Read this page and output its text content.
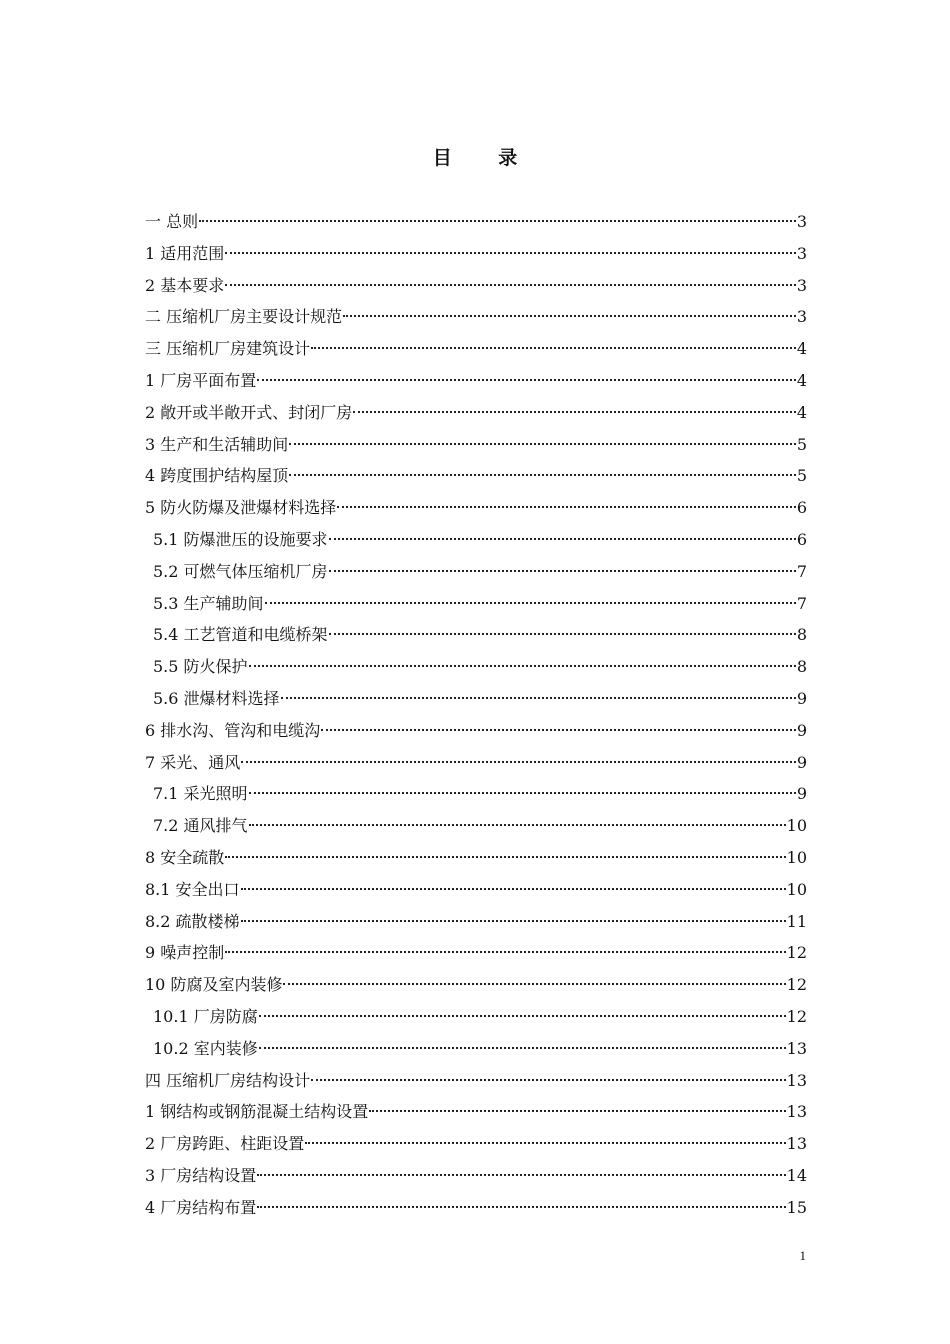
目 录
一 总则	3
1 适用范围	3
2 基本要求	3
二 压缩机厂房主要设计规范	3
三 压缩机厂房建筑设计	4
1 厂房平面布置	4
2 敞开或半敞开式、封闭厂房	4
3 生产和生活辅助间	5
4 跨度围护结构屋顶	5
5 防火防爆及泄爆材料选择	6
5.1 防爆泄压的设施要求	6
5.2 可燃气体压缩机厂房	7
5.3 生产辅助间	7
5.4 工艺管道和电缆桥架	8
5.5 防火保护	8
5.6 泄爆材料选择	9
6 排水沟、管沟和电缆沟	9
7 采光、通风	9
7.1 采光照明	9
7.2 通风排气	10
8 安全疏散	10
8.1 安全出口	10
8.2 疏散楼梯	11
9 噪声控制	12
10 防腐及室内装修	12
10.1 厂房防腐	12
10.2 室内装修	13
四 压缩机厂房结构设计	13
1 钢结构或钢筋混凝土结构设置	13
2 厂房跨距、柱距设置	13
3 厂房结构设置	14
4 厂房结构布置	15
1
